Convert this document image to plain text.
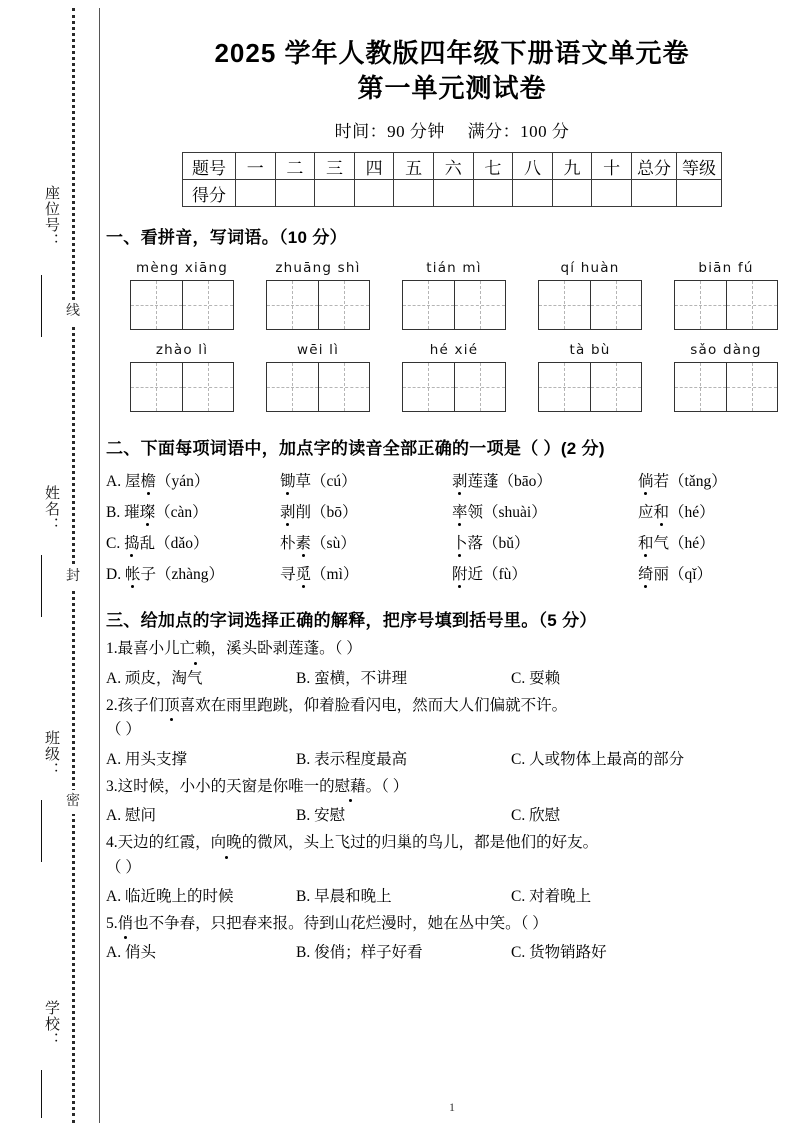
线
封
密
座位号：
姓名：
班级：
学校：
2025 学年人教版四年级下册语文单元卷
第一单元测试卷
时间：90 分钟 满分：100 分
题号	一	二	三	四	五	六	七	八	九	十	总分	等级
得分												
一、看拼音，写词语。（10 分）
mèng xiāng	zhuāng shì	tián mì	qí huàn	biān fú
zhào lì	wēi lì	hé xié	tà bù	sǎo dàng
二、下面每项词语中，加点字的读音全部正确的一项是（ ）(2 分)
A. 屋檐（yán）	锄草（cú）	剥莲蓬（bāo）	倘若（tǎng）
B. 璀璨（càn）	剥削（bō）	率领（shuài）	应和（hé）
C. 捣乱（dǎo）	朴素（sù）	卜落（bǔ）	和气（hé）
D. 帐子（zhàng）	寻觅（mì）	附近（fù）	绮丽（qǐ）
三、给加点的字词选择正确的解释，把序号填到括号里。（5 分）
1.最喜小儿亡赖，溪头卧剥莲蓬。（ ）
A. 顽皮，淘气	B. 蛮横，不讲理	C. 耍赖
2.孩子们顶喜欢在雨里跑跳，仰着脸看闪电，然而大人们偏就不许。
（ ）
A. 用头支撑	B. 表示程度最高	C. 人或物体上最高的部分
3.这时候，小小的天窗是你唯一的慰藉。（ ）
A. 慰问	B. 安慰	C. 欣慰
4.天边的红霞，向晚的微风，头上飞过的归巢的鸟儿，都是他们的好友。
（ ）
A. 临近晚上的时候	B. 早晨和晚上	C. 对着晚上
5.俏也不争春，只把春来报。待到山花烂漫时，她在丛中笑。（ ）
A. 俏头	B. 俊俏；样子好看	C. 货物销路好
1
